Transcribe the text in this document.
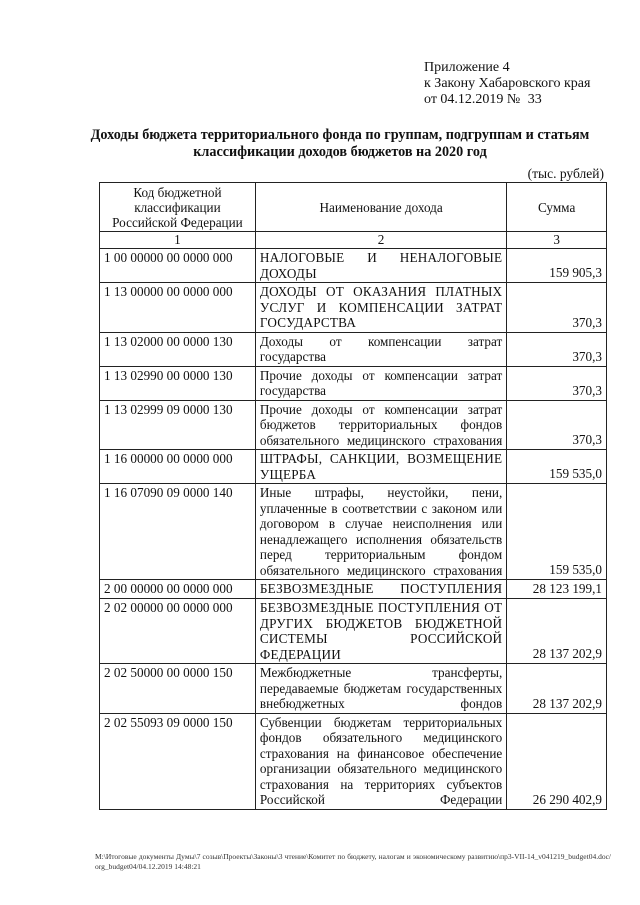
Приложение 4
к Закону Хабаровского края
от 04.12.2019 № 33
Доходы бюджета территориального фонда по группам, подгруппам и статьям классификации доходов бюджетов на 2020 год
(тыс. рублей)
Код бюджетной классификации Российской Федерации	Наименование дохода	Сумма
1	2	3
1 00 00000 00 0000 000	НАЛОГОВЫЕ И НЕНАЛОГОВЫЕ ДОХОДЫ	159 905,3
1 13 00000 00 0000 000	ДОХОДЫ ОТ ОКАЗАНИЯ ПЛАТНЫХ УСЛУГ И КОМПЕНСАЦИИ ЗАТРАТ ГОСУДАРСТВА	370,3
1 13 02000 00 0000 130	Доходы от компенсации затрат государства	370,3
1 13 02990 00 0000 130	Прочие доходы от компенсации затрат государства	370,3
1 13 02999 09 0000 130	Прочие доходы от компенсации затрат бюджетов территориальных фондов обязательного медицинского страхования	370,3
1 16 00000 00 0000 000	ШТРАФЫ, САНКЦИИ, ВОЗМЕЩЕНИЕ УЩЕРБА	159 535,0
1 16 07090 09 0000 140	Иные штрафы, неустойки, пени, уплаченные в соответствии с законом или договором в случае неисполнения или ненадлежащего исполнения обязательств перед территориальным фондом обязательного медицинского страхования	159 535,0
2 00 00000 00 0000 000	БЕЗВОЗМЕЗДНЫЕ ПОСТУПЛЕНИЯ	28 123 199,1
2 02 00000 00 0000 000	БЕЗВОЗМЕЗДНЫЕ ПОСТУПЛЕНИЯ ОТ ДРУГИХ БЮДЖЕТОВ БЮДЖЕТНОЙ СИСТЕМЫ РОССИЙСКОЙ ФЕДЕРАЦИИ	28 137 202,9
2 02 50000 00 0000 150	Межбюджетные трансферты, передаваемые бюджетам государственных внебюджетных фондов	28 137 202,9
2 02 55093 09 0000 150	Субвенции бюджетам территориальных фондов обязательного медицинского страхования на финансовое обеспечение организации обязательного медицинского страхования на территориях субъектов Российской Федерации	26 290 402,9
M:\Итоговые документы Думы\7 созыв\Проекты\Законы\3 чтение\Комитет по бюджету, налогам и экономическому развитию\пр3-VII-14_v041219_budget04.doc/ org_budget04/04.12.2019 14:48:21
